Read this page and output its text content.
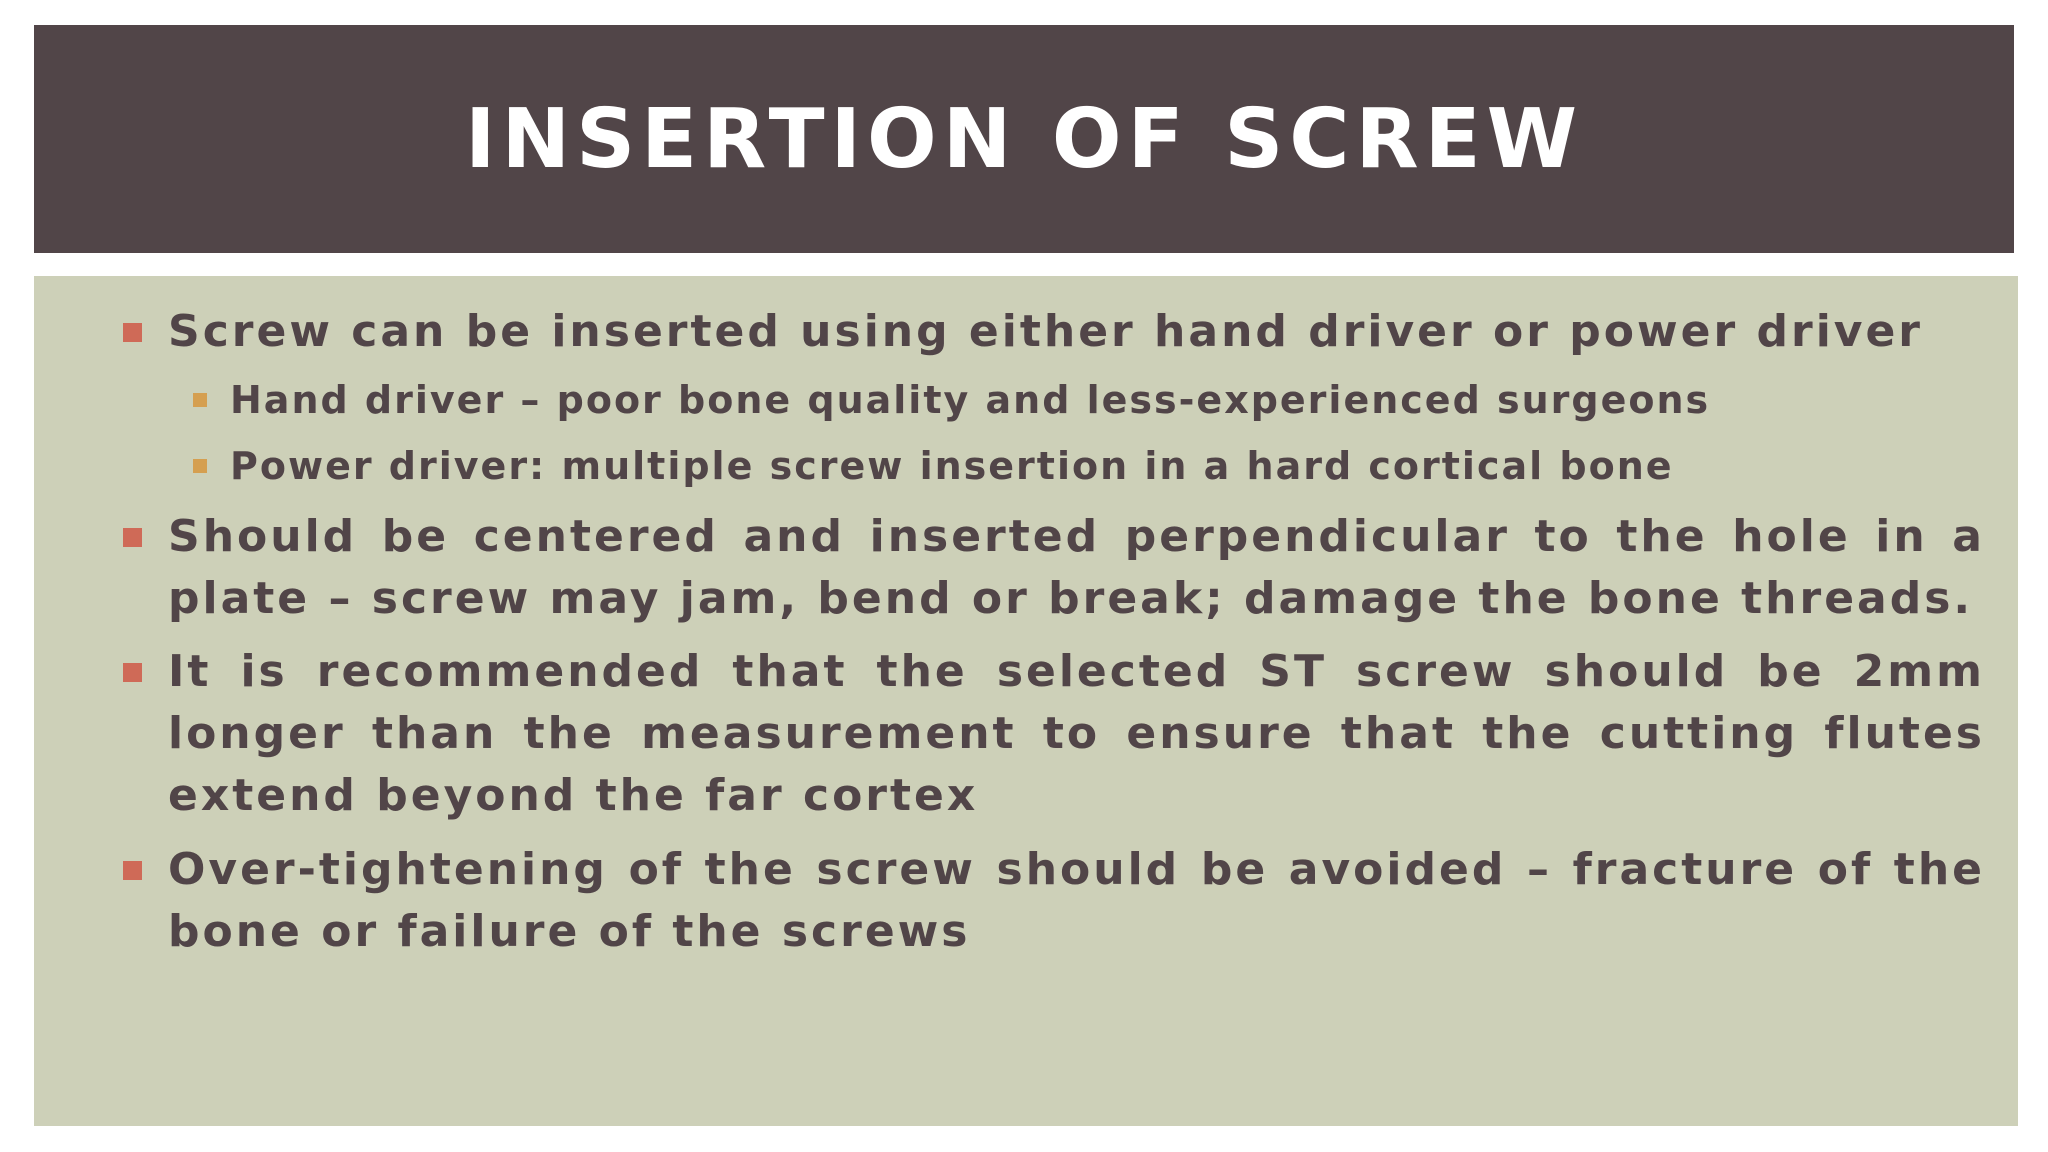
INSERTION OF SCREW
Screw can be inserted using either hand driver or power driver
Hand driver – poor bone quality and less-experienced surgeons
Power driver: multiple screw insertion in a hard cortical bone
Should be centered and inserted perpendicular to the hole in a plate – screw may jam, bend or break; damage the bone threads.
It is recommended that the selected ST screw should be 2mm longer than the measurement to ensure that the cutting flutes extend beyond the far cortex
Over-tightening of the screw should be avoided – fracture of the bone or failure of the screws
